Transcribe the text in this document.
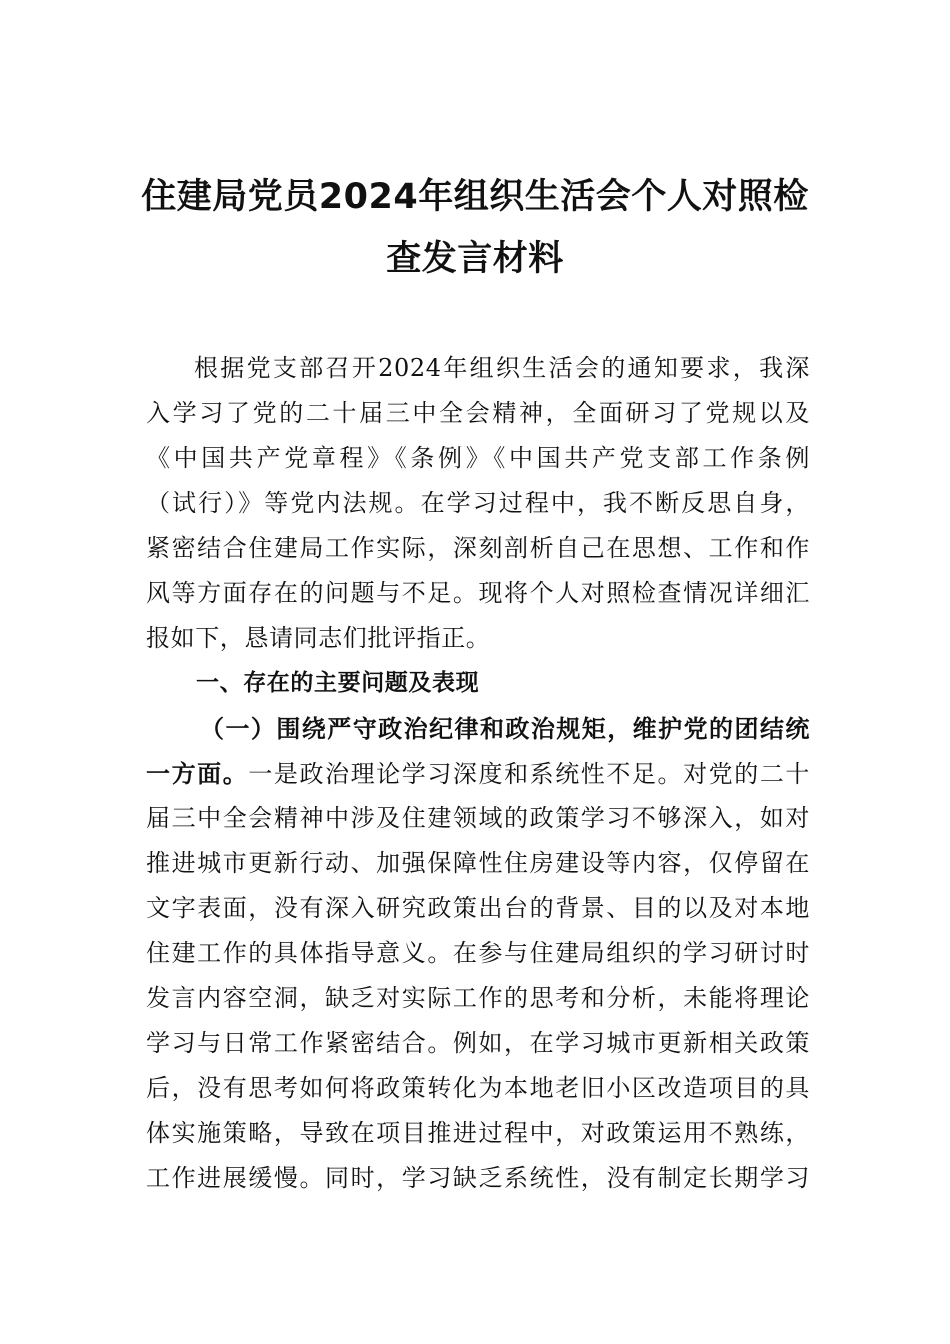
住建局党员2024年组织生活会个人对照检
查发言材料
根据党支部召开2024年组织生活会的通知要求，我深
入学习了党的二十届三中全会精神，全面研习了党规以及
《中国共产党章程》《条例》《中国共产党支部工作条例
（试行）》等党内法规。在学习过程中，我不断反思自身，
紧密结合住建局工作实际，深刻剖析自己在思想、工作和作
风等方面存在的问题与不足。现将个人对照检查情况详细汇
报如下，恳请同志们批评指正。
一、存在的主要问题及表现
（一）围绕严守政治纪律和政治规矩，维护党的团结统
一方面。一是政治理论学习深度和系统性不足。对党的二十
届三中全会精神中涉及住建领域的政策学习不够深入，如对
推进城市更新行动、加强保障性住房建设等内容，仅停留在
文字表面，没有深入研究政策出台的背景、目的以及对本地
住建工作的具体指导意义。在参与住建局组织的学习研讨时
发言内容空洞，缺乏对实际工作的思考和分析，未能将理论
学习与日常工作紧密结合。例如，在学习城市更新相关政策
后，没有思考如何将政策转化为本地老旧小区改造项目的具
体实施策略，导致在项目推进过程中，对政策运用不熟练，
工作进展缓慢。同时，学习缺乏系统性，没有制定长期学习
